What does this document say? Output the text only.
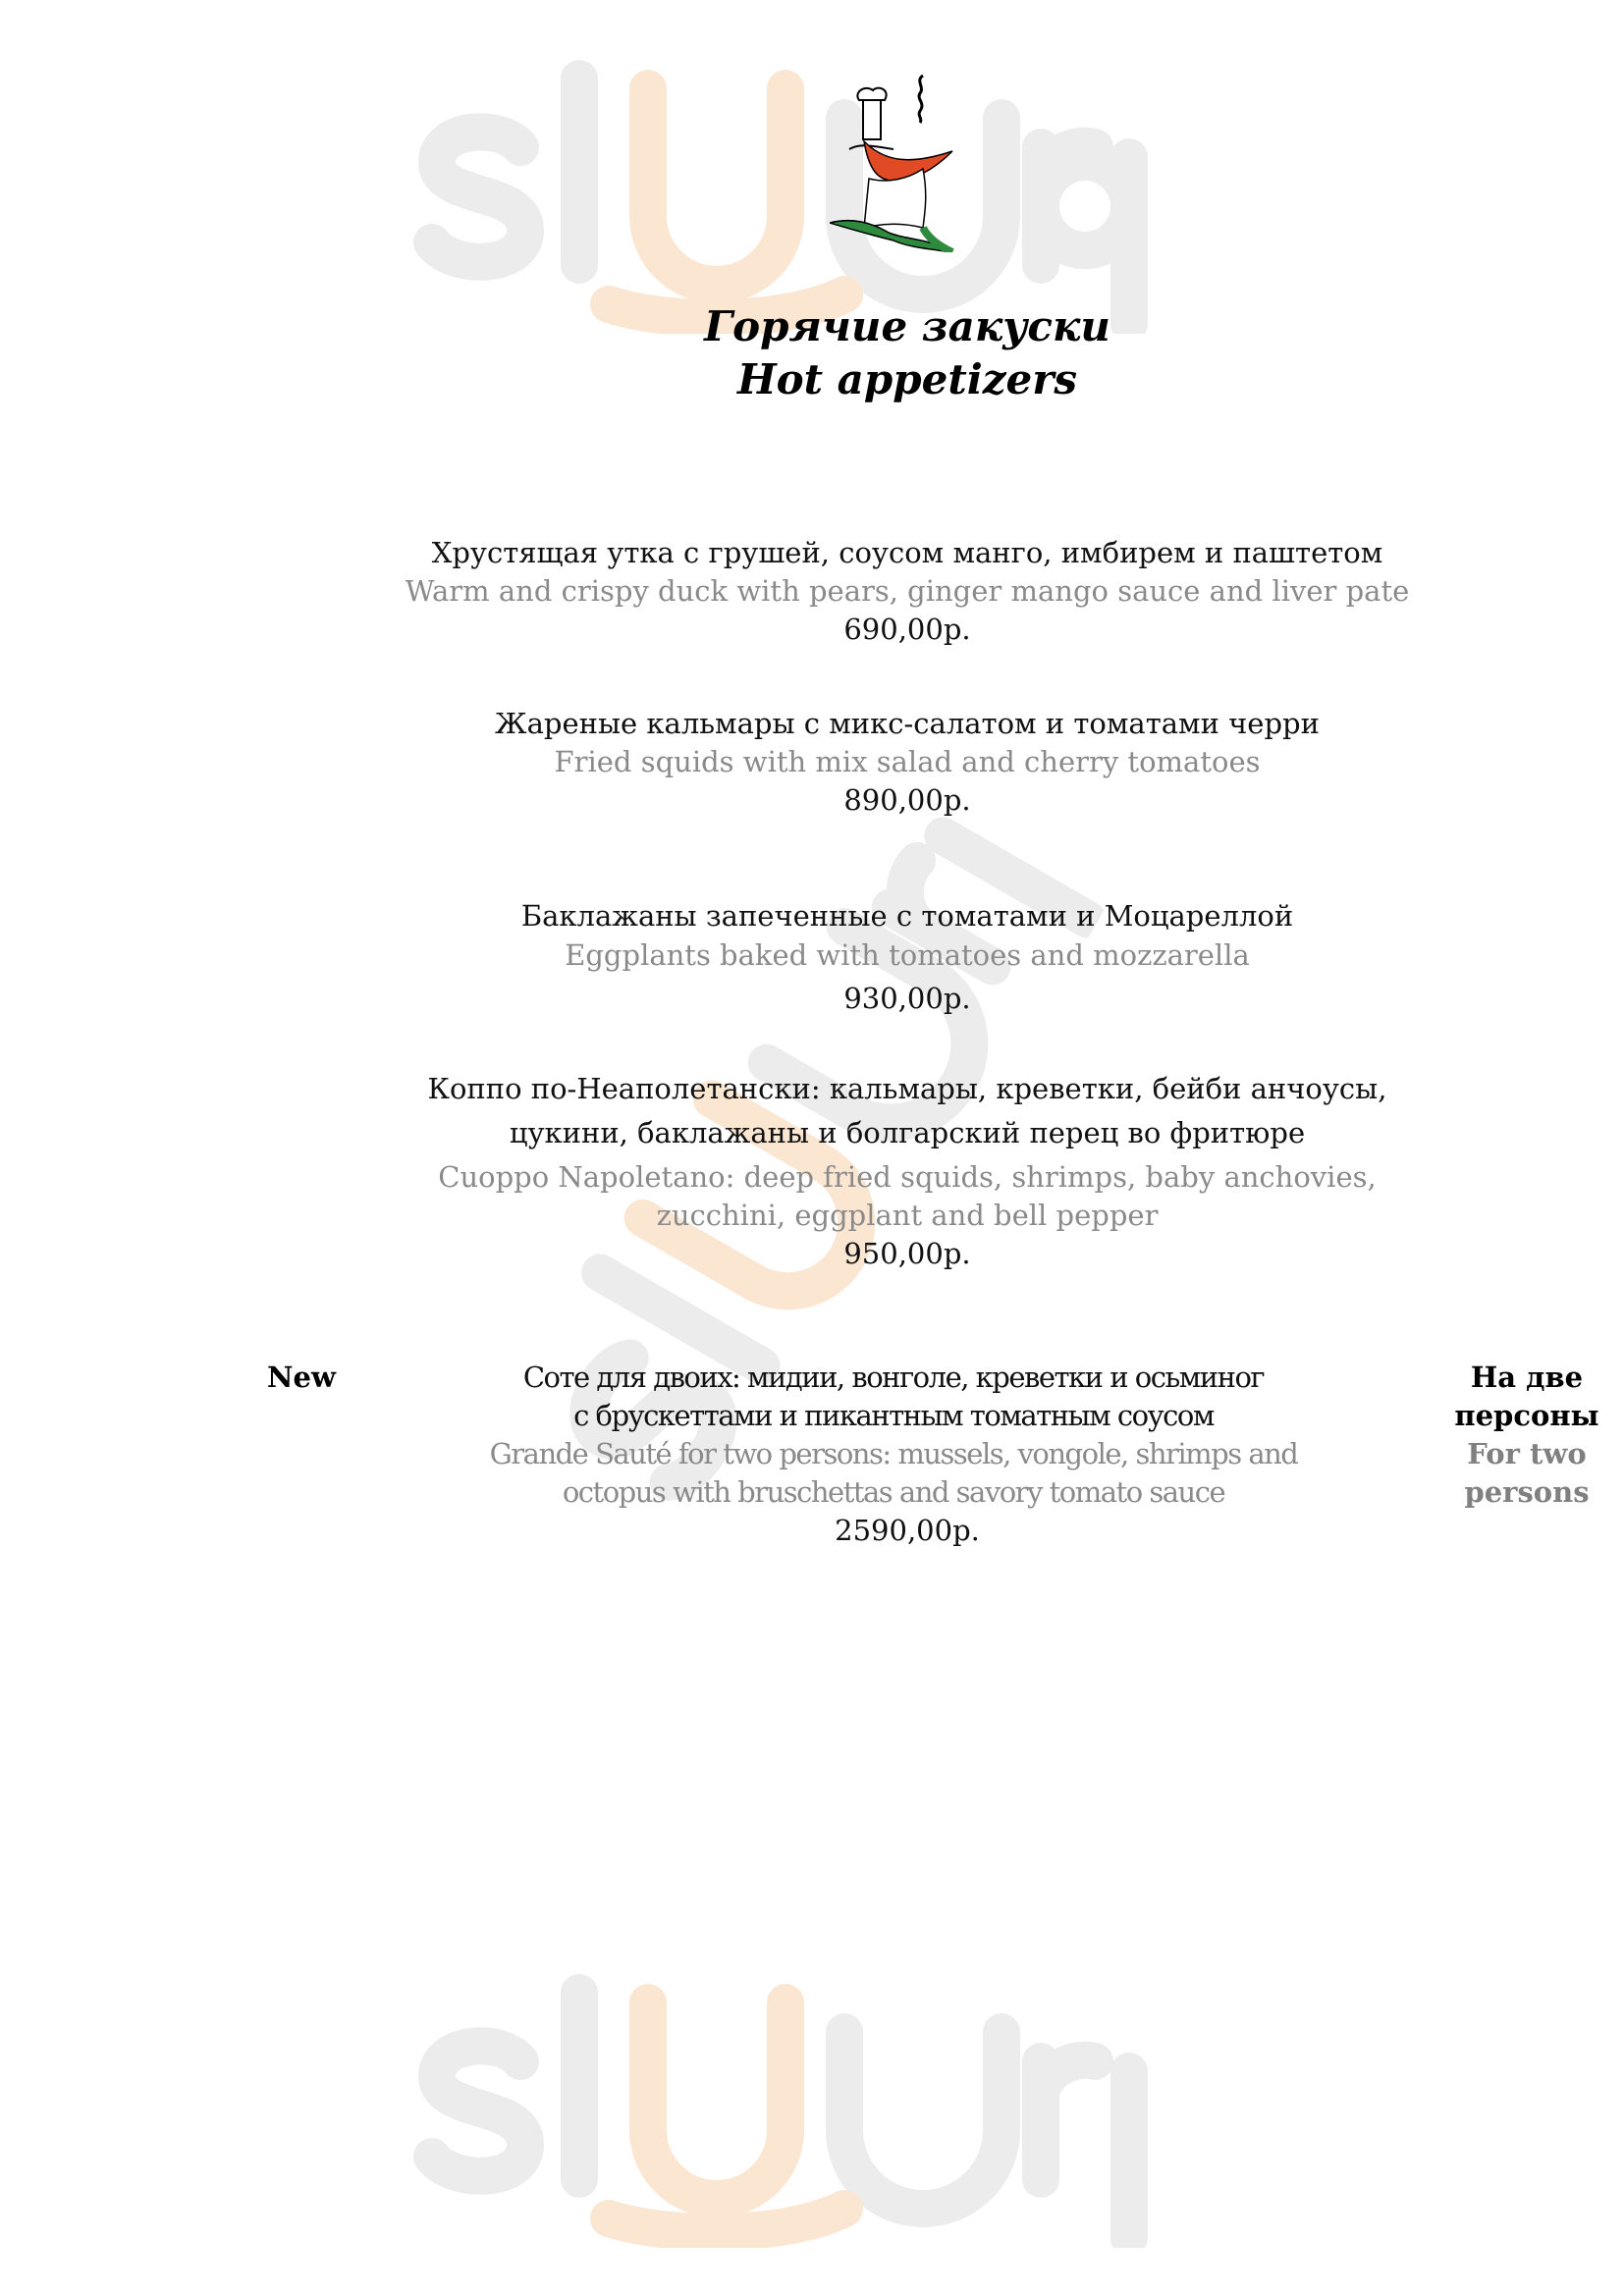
Горячие закуски
Hot appetizers
Хрустящая утка с грушей, соусом манго, имбирем и паштетом
Warm and crispy duck with pears, ginger mango sauce and liver pate
690,00р.
Жареные кальмары с микс-салатом и томатами черри
Fried squids with mix salad and cherry tomatoes
890,00р.
Баклажаны запеченные с томатами и Моцареллой
Eggplants baked with tomatoes and mozzarella
930,00р.
Коппо по-Неаполетански: кальмары, креветки, бейби анчоусы,
цукини, баклажаны и болгарский перец во фритюре
Cuoppo Napoletano: deep fried squids, shrimps, baby anchovies,
zucchini, eggplant and bell pepper
950,00р.
New	Соте для двоих: мидии, вонголе, креветки и осьминог
с брускеттами и пикантным томатным соусом
Grande Sauté for two persons: mussels, vongole, shrimps and
octopus with bruschettas and savory tomato sauce
2590,00р.
На две
персоны
For two
persons
